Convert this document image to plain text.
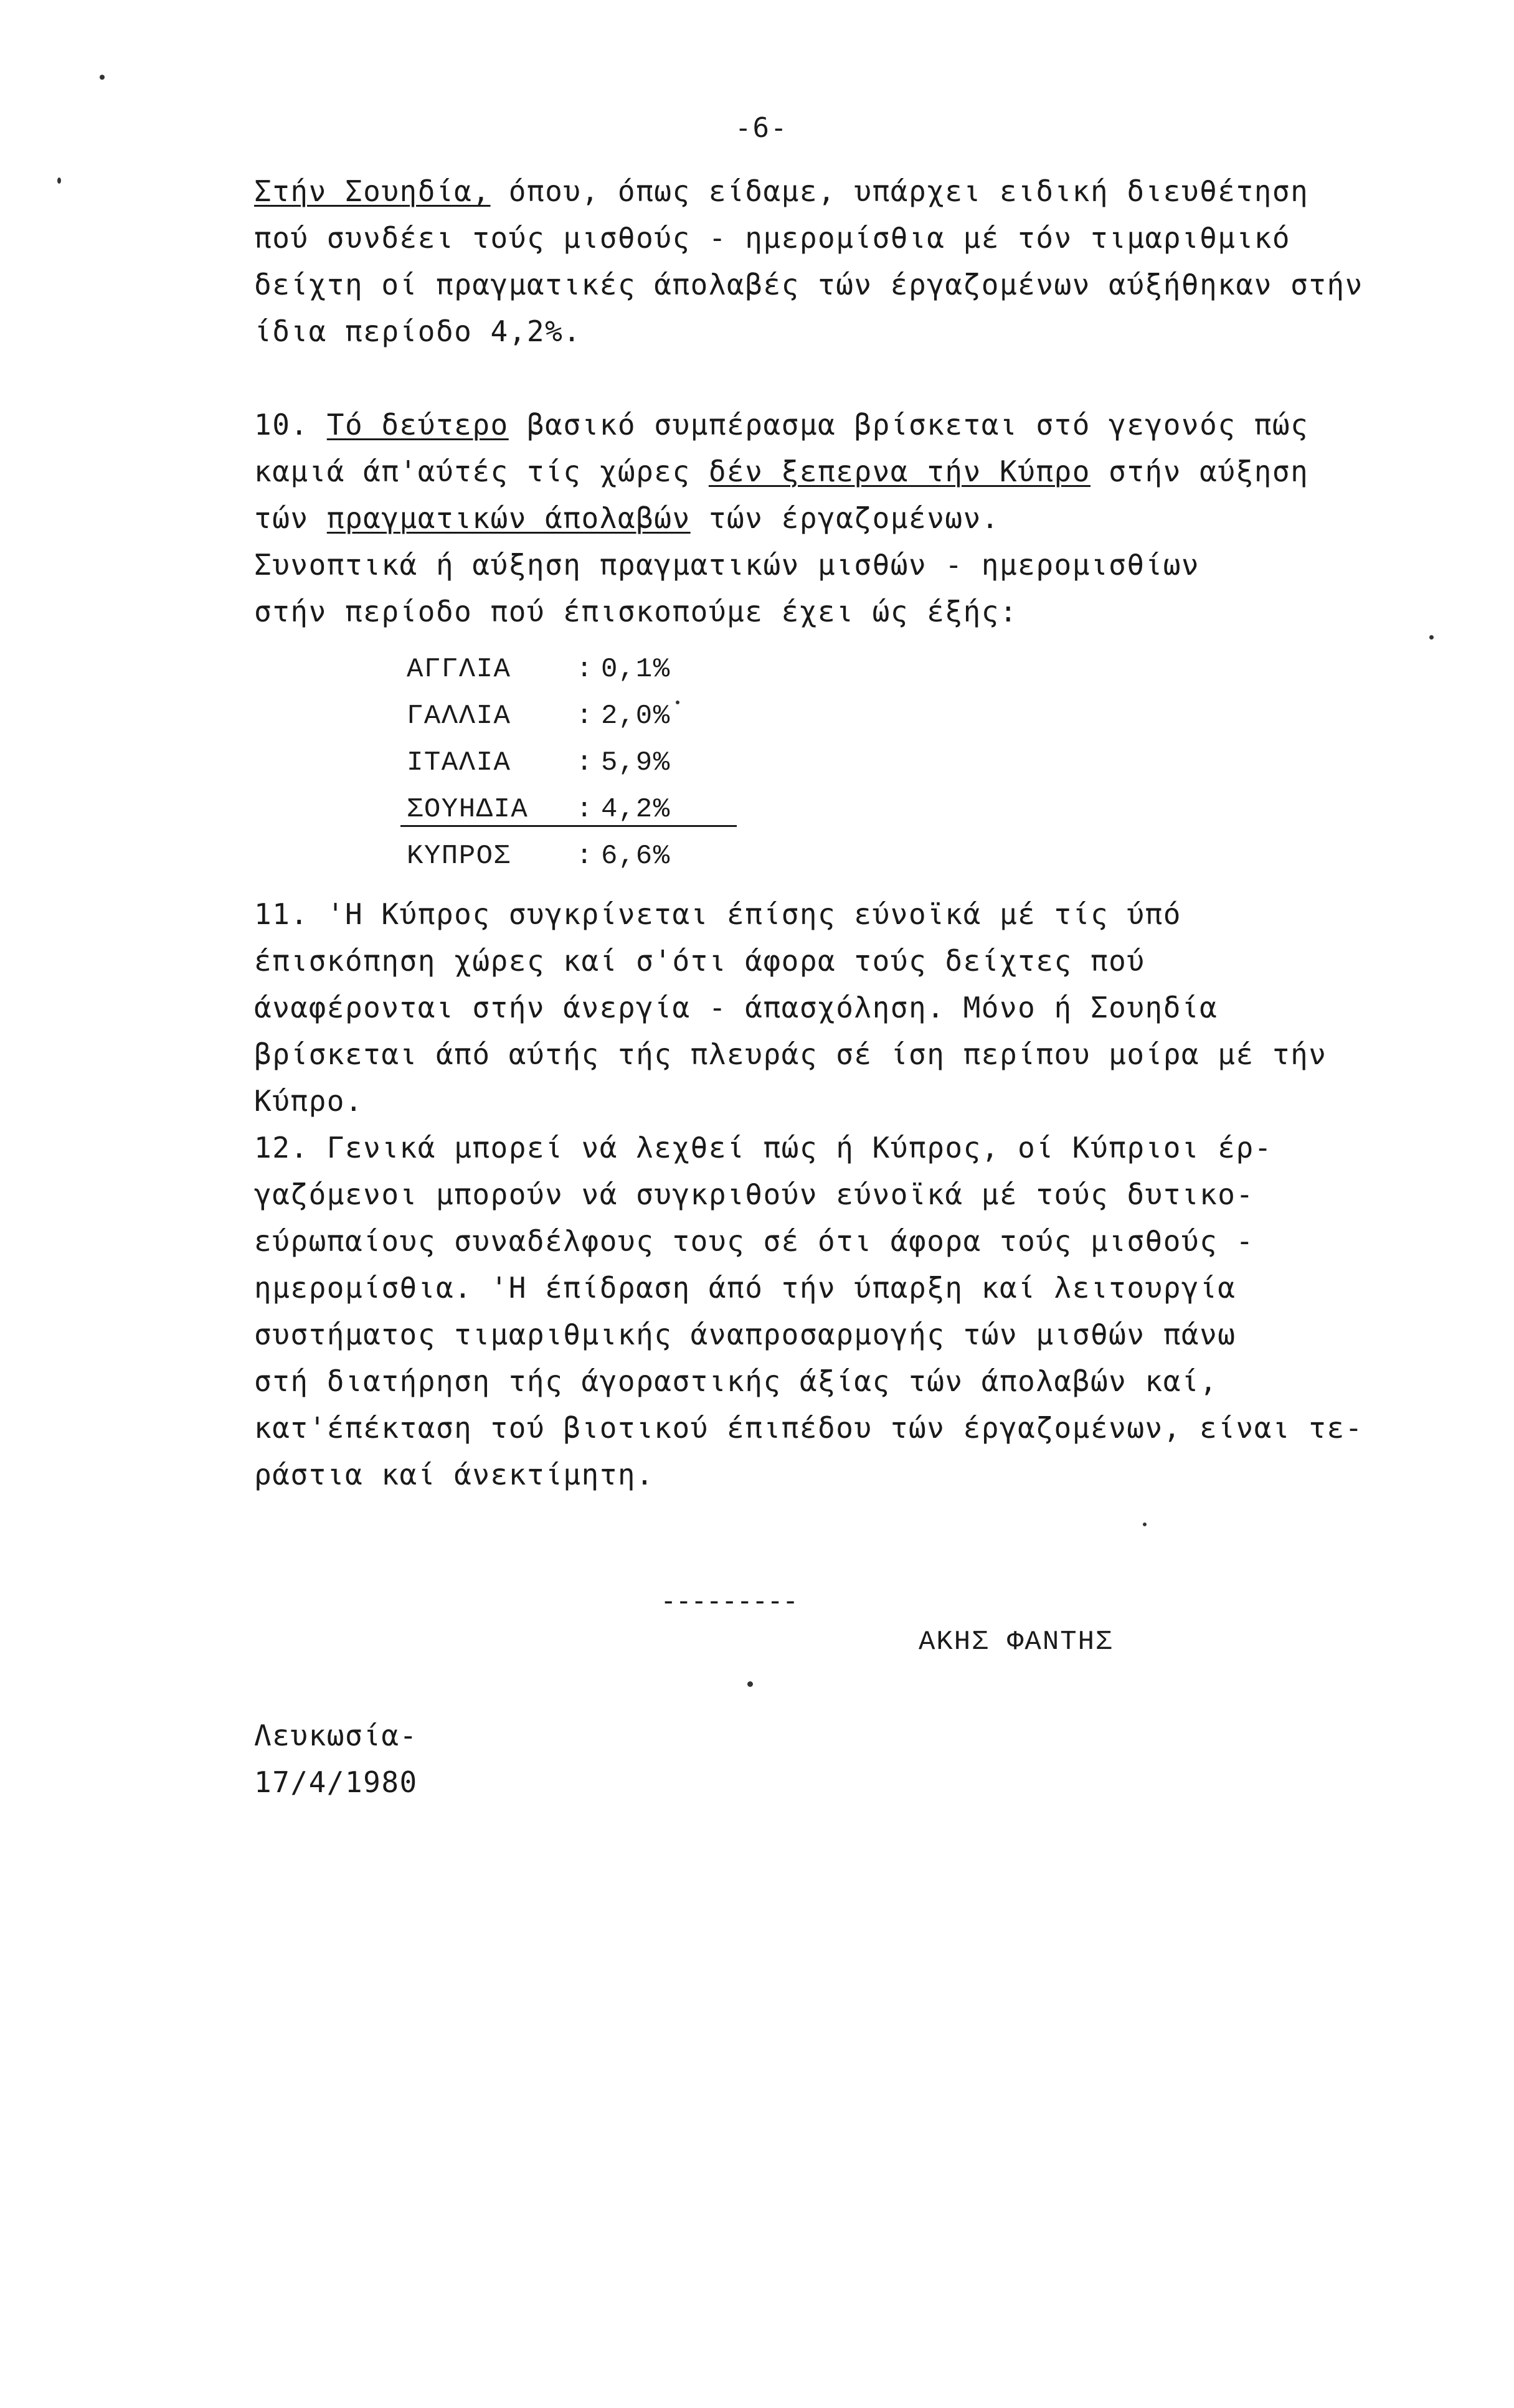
-6-
Στήν Σουηδία, όπου, όπως είδαμε, υπάρχει ειδική διευθέτηση
πού συνδέει τούς μισθούς - ημερομίσθια μέ τόν τιμαριθμικό
δείχτη οί πραγματικές άπολαβές τών έργαζομένων αύξήθηκαν στήν
ίδια περίοδο 4,2%.
10. Τό δεύτερο βασικό συμπέρασμα βρίσκεται στό γεγονός πώς
καμιά άπ'αύτές τίς χώρες δέν ξεπερνα τήν Κύπρο στήν αύξηση
τών πραγματικών άπολαβών τών έργαζομένων.
Συνοπτικά ή αύξηση πραγματικών μισθών - ημερομισθίων
στήν περίοδο πού έπισκοπούμε έχει ώς έξής:
ΑΓΓΛΙΑ : 0,1%
ΓΑΛΛΙΑ : 2,0%
ΙΤΑΛΙΑ : 5,9%
ΣΟΥΗΔΙΑ : 4,2%
ΚΥΠΡΟΣ : 6,6%
11. 'Η Κύπρος συγκρίνεται έπίσης εύνοϊκά μέ τίς ύπό
έπισκόπηση χώρες καί σ'ότι άφορα τούς δείχτες πού
άναφέρονται στήν άνεργία - άπασχόληση. Μόνο ή Σουηδία
βρίσκεται άπό αύτής τής πλευράς σέ ίση περίπου μοίρα μέ τήν
Κύπρο.
12. Γενικά μπορεί νά λεχθεί πώς ή Κύπρος, οί Κύπριοι έρ-
γαζόμενοι μπορούν νά συγκριθούν εύνοϊκά μέ τούς δυτικο-
εύρωπαίους συναδέλφους τους σέ ότι άφορα τούς μισθούς -
ημερομίσθια. 'Η έπίδραση άπό τήν ύπαρξη καί λειτουργία
συστήματος τιμαριθμικής άναπροσαρμογής τών μισθών πάνω
στή διατήρηση τής άγοραστικής άξίας τών άπολαβών καί,
κατ'έπέκταση τού βιοτικού έπιπέδου τών έργαζομένων, είναι τε-
ράστια καί άνεκτίμητη.
---------
ΑΚΗΣ ΦΑΝΤΗΣ
Λευκωσία-
17/4/1980
